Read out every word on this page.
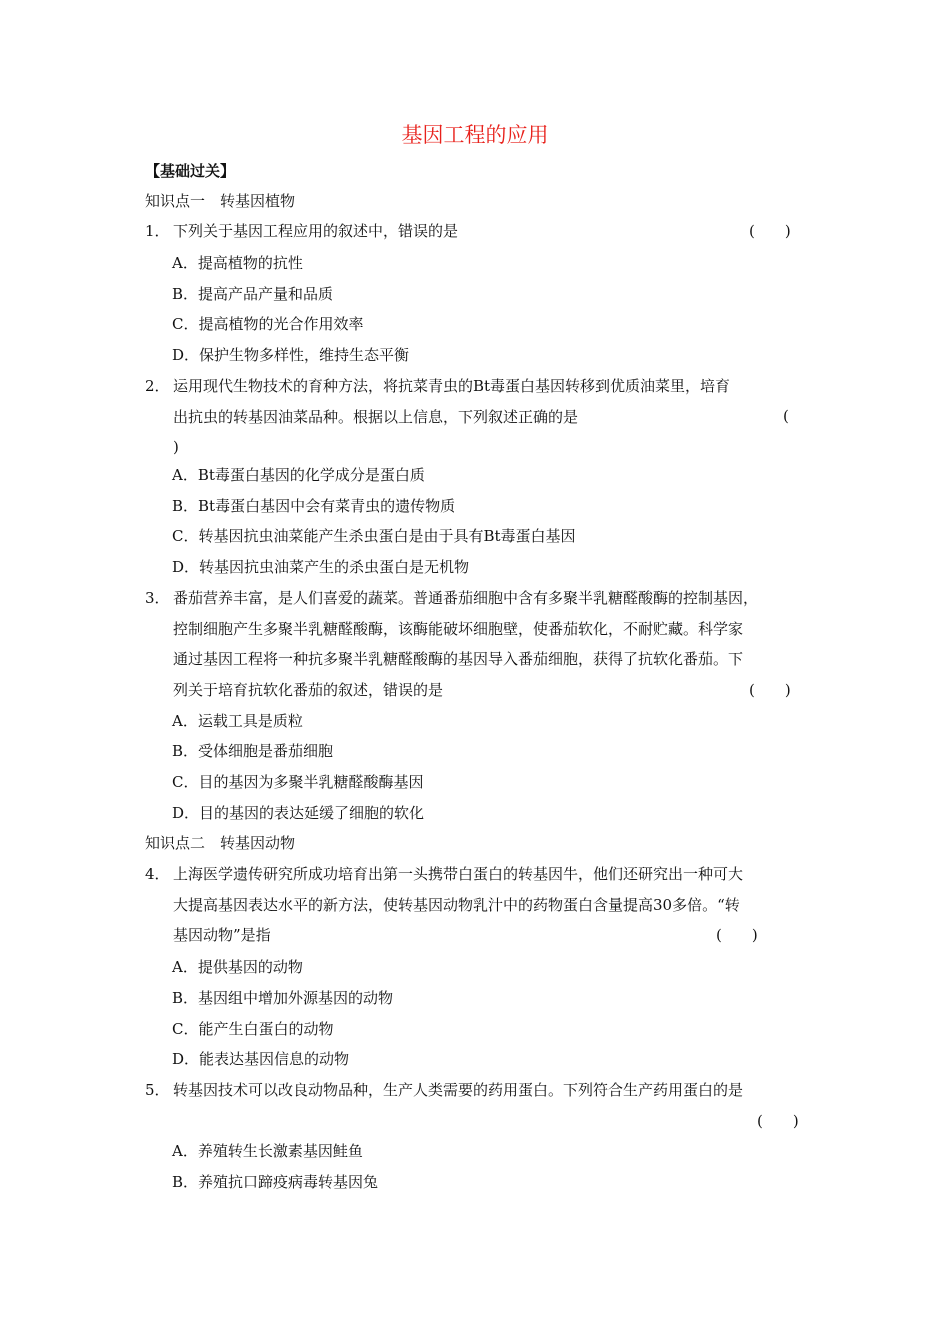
基因工程的应用
【基础过关】
知识点一　转基因植物
1． 下列关于基因工程应用的叙述中，错误的是	(　　)
A．提高植物的抗性
B．提高产品产量和品质
C．提高植物的光合作用效率
D．保护生物多样性，维持生态平衡
2． 运用现代生物技术的育种方法，将抗菜青虫的Bt毒蛋白基因转移到优质油菜里，培育
出抗虫的转基因油菜品种。根据以上信息，下列叙述正确的是	(
)
A．Bt毒蛋白基因的化学成分是蛋白质
B．Bt毒蛋白基因中会有菜青虫的遗传物质
C．转基因抗虫油菜能产生杀虫蛋白是由于具有Bt毒蛋白基因
D．转基因抗虫油菜产生的杀虫蛋白是无机物
3． 番茄营养丰富，是人们喜爱的蔬菜。普通番茄细胞中含有多聚半乳糖醛酸酶的控制基因，
控制细胞产生多聚半乳糖醛酸酶，该酶能破坏细胞壁，使番茄软化，不耐贮藏。科学家
通过基因工程将一种抗多聚半乳糖醛酸酶的基因导入番茄细胞，获得了抗软化番茄。下
列关于培育抗软化番茄的叙述，错误的是	(　　)
A．运载工具是质粒
B．受体细胞是番茄细胞
C．目的基因为多聚半乳糖醛酸酶基因
D．目的基因的表达延缓了细胞的软化
知识点二　转基因动物
4． 上海医学遗传研究所成功培育出第一头携带白蛋白的转基因牛，他们还研究出一种可大
大提高基因表达水平的新方法，使转基因动物乳汁中的药物蛋白含量提高30多倍。“转
基因动物”是指	(　　)
A．提供基因的动物
B．基因组中增加外源基因的动物
C．能产生白蛋白的动物
D．能表达基因信息的动物
5． 转基因技术可以改良动物品种，生产人类需要的药用蛋白。下列符合生产药用蛋白的是
(　　)
A．养殖转生长激素基因鲑鱼
B．养殖抗口蹄疫病毒转基因兔
